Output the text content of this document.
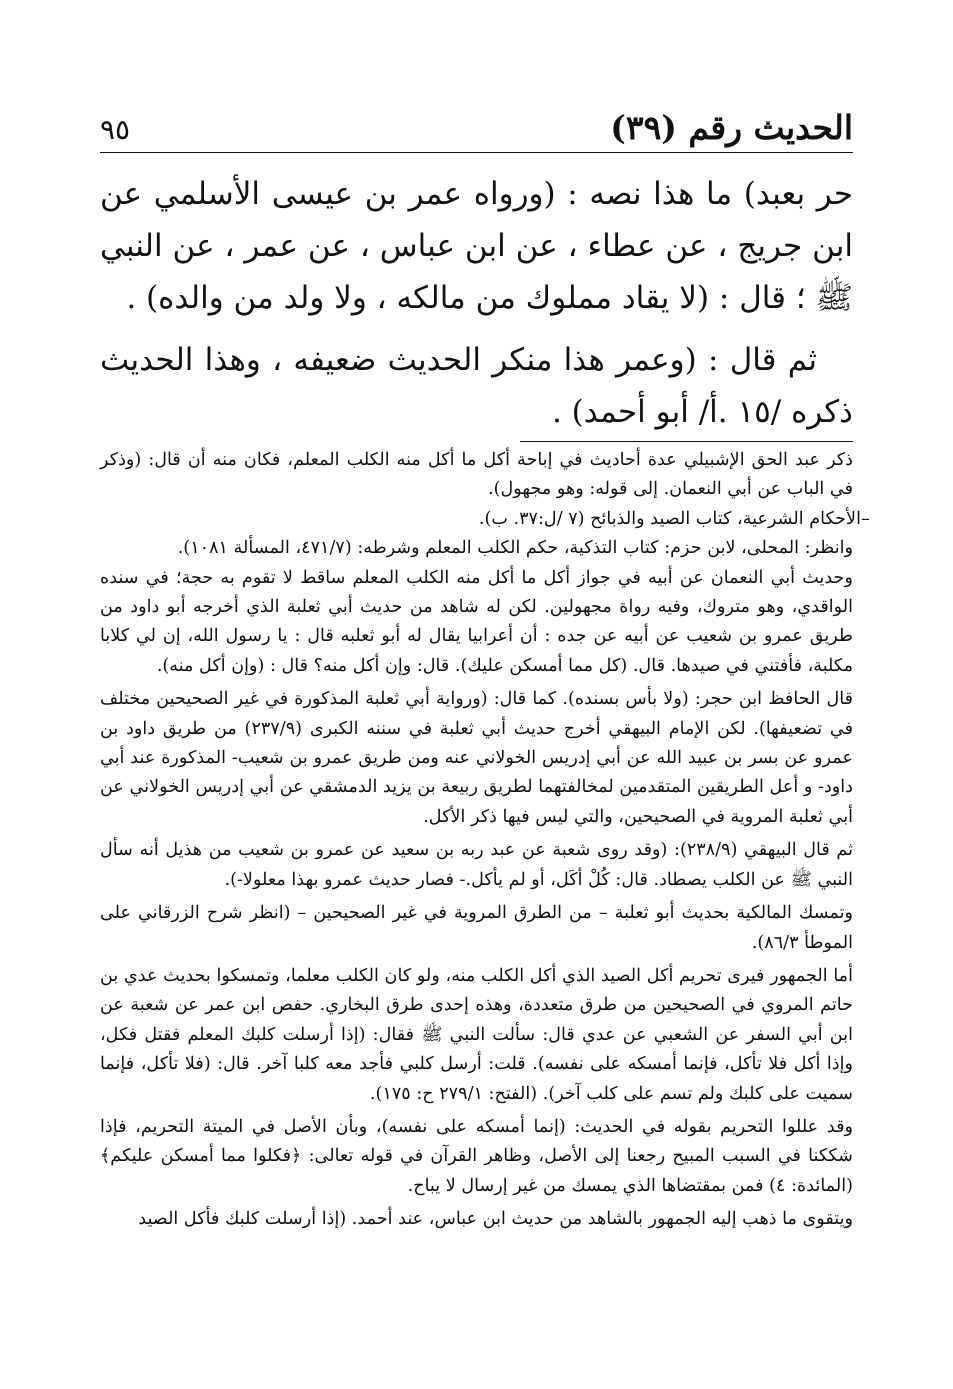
الحديث رقم (٣٩)
٩٥

حر بعبد) ما هذا نصه : (ورواه عمر بن عيسى الأسلمي عن ابن جريج ، عن عطاء ، عن ابن عباس ، عن عمر ، عن النبي ﷺ ؛ قال : (لا يقاد مملوك من مالكه ، ولا ولد من والده) .

ثم قال : (وعمر هذا منكر الحديث ضعيفه ، وهذا الحديث ذكره /١٥ .أ/ أبو أحمد) .

ذكر عبد الحق الإشبيلي عدة أحاديث في إباحة أكل ما أكل منه الكلب المعلم، فكان منه أن قال: (وذكر في الباب عن أبي النعمان. إلى قوله: وهو مجهول).

–الأحكام الشرعية، كتاب الصيد والذبائح (٧ /ل:٣٧. ب).

وانظر: المحلى، لابن حزم: كتاب التذكية، حكم الكلب المعلم وشرطه: (٤٧١/٧، المسألة ١٠٨١).

وحديث أبي النعمان عن أبيه في جواز أكل ما أكل منه الكلب المعلم ساقط لا تقوم به حجة؛ في سنده الواقدي، وهو متروك، وفيه رواة مجهولين. لكن له شاهد من حديث أبي ثعلبة الذي أخرجه أبو داود من طريق عمرو بن شعيب عن أبيه عن جده : أن أعرابيا يقال له أبو ثعلبه قال : يا رسول الله، إن لي كلابا مكلبة، فأفتني في صيدها. قال. (كل مما أمسكن عليك). قال: وإن أكل منه؟ قال : (وإن أكل منه).

قال الحافظ ابن حجر: (ولا بأس بسنده). كما قال: (ورواية أبي ثعلبة المذكورة في غير الصحيحين مختلف في تضعيفها). لكن الإمام البيهقي أخرج حديث أبي ثعلبة في سننه الكبرى (٢٣٧/٩) من طريق داود بن عمرو عن بسر بن عبيد الله عن أبي إدريس الخولاني عنه ومن طريق عمرو بن شعيب- المذكورة عند أبي داود- و أعل الطريقين المتقدمين لمخالفتهما لطريق ربيعة بن يزيد الدمشقي عن أبي إدريس الخولاني عن أبي ثعلبة المروية في الصحيحين، والتي ليس فيها ذكر الأكل.

ثم قال البيهقي (٢٣٨/٩): (وقد روى شعبة عن عبد ربه بن سعيد عن عمرو بن شعيب من هذيل أنه سأل النبي ﷺ عن الكلب يصطاد. قال: كُلْ أكَل، أو لم يأكل.- فصار حديث عمرو بهذا معلولا-).

وتمسك المالكية بحديث أبو ثعلبة – من الطرق المروية في غير الصحيحين – (انظر شرح الزرقاني على الموطأ ٨٦/٣).

أما الجمهور فيرى تحريم أكل الصيد الذي أكل الكلب منه، ولو كان الكلب معلما، وتمسكوا بحديث عدي بن حاتم المروي في الصحيحين من طرق متعددة، وهذه إحدى طرق البخاري. حفص ابن عمر عن شعبة عن ابن أبي السفر عن الشعبي عن عدي قال: سألت النبي ﷺ فقال: (إذا أرسلت كلبك المعلم فقتل فكل، وإذا أكل فلا تأكل، فإنما أمسكه على نفسه). قلت: أرسل كلبي فأجد معه كلبا آخر. قال: (فلا تأكل، فإنما سميت على كلبك ولم تسم على كلب آخر). (الفتح: ٢٧٩/١ ح: ١٧٥).

وقد عللوا التحريم بقوله في الحديث: (إنما أمسكه على نفسه)، وبأن الأصل في الميتة التحريم، فإذا شككنا في السبب المبيح رجعنا إلى الأصل، وظاهر القرآن في قوله تعالى: ﴿فكلوا مما أمسكن عليكم﴾ (المائدة: ٤) فمن بمقتضاها الذي يمسك من غير إرسال لا يباح.

ويتقوى ما ذهب إليه الجمهور بالشاهد من حديث ابن عباس، عند أحمد. (إذا أرسلت كلبك فأكل الصيد
